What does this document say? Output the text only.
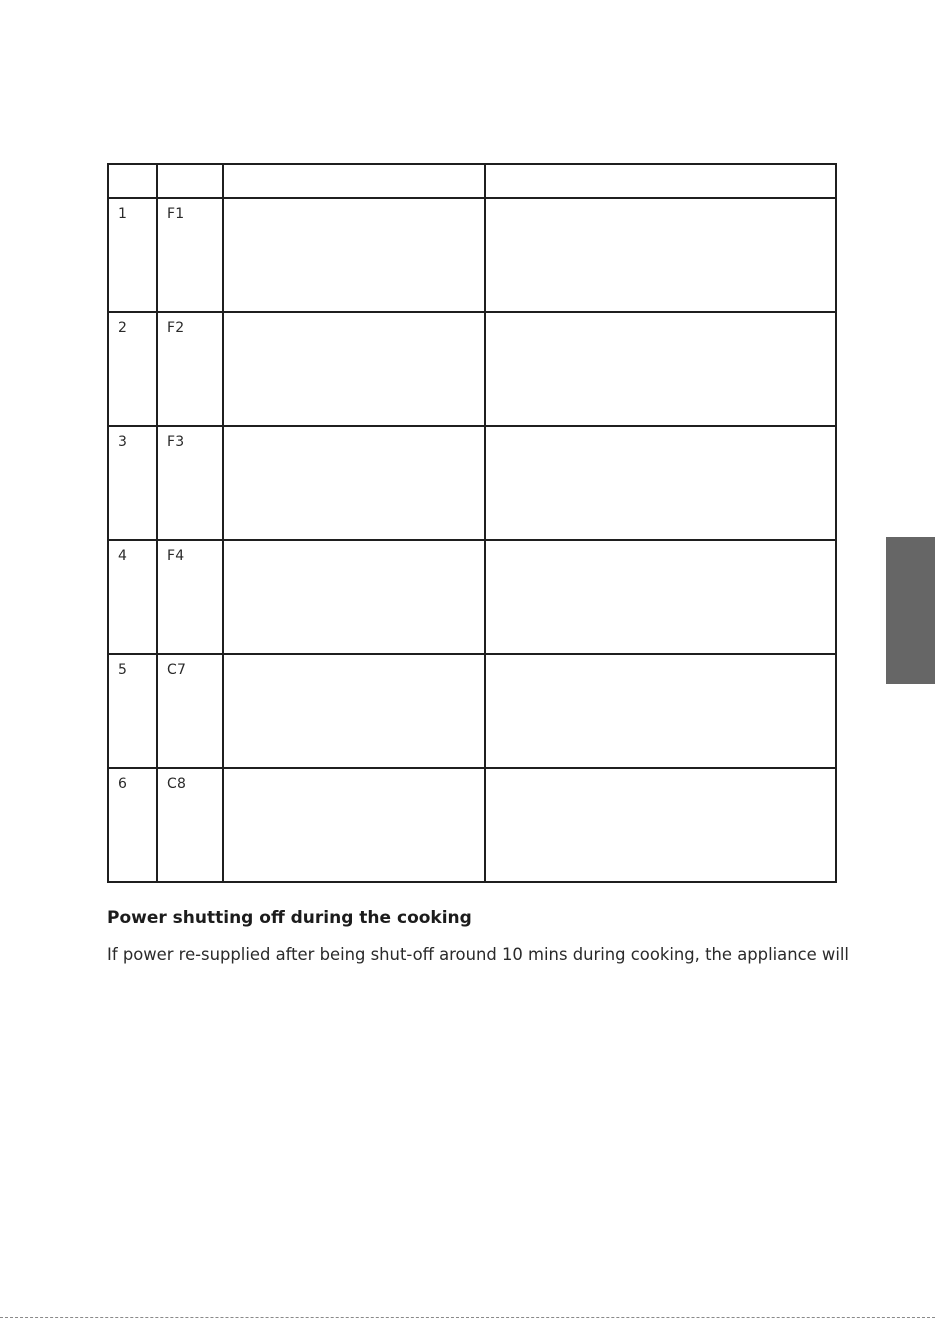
1	F1		

2	F2		

3	F3		

4	F4		

5	C7		

6	C8		

Power shutting off during the cooking

If power re-supplied after being shut-off around 10 mins during cooking, the appliance will
